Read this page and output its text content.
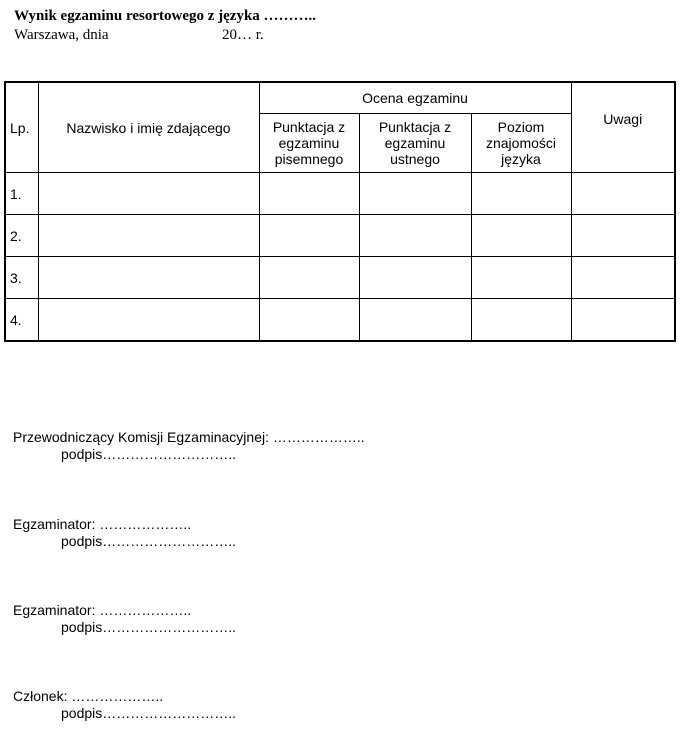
Wynik egzaminu resortowego z języka ………..
Warszawa, dnia	20… r.
Lp.	Nazwisko i imię zdającego	Ocena egzaminu			Uwagi
		Punktacja z egzaminu pisemnego	Punktacja z egzaminu ustnego	Poziom znajomości języka	
1.					
2.					
3.					
4.					
Przewodniczący Komisji Egzaminacyjnej: ………………..
podpis………………………..
Egzaminator: ………………..
podpis………………………..
Egzaminator: ………………..
podpis………………………..
Członek: ………………..
podpis………………………..
